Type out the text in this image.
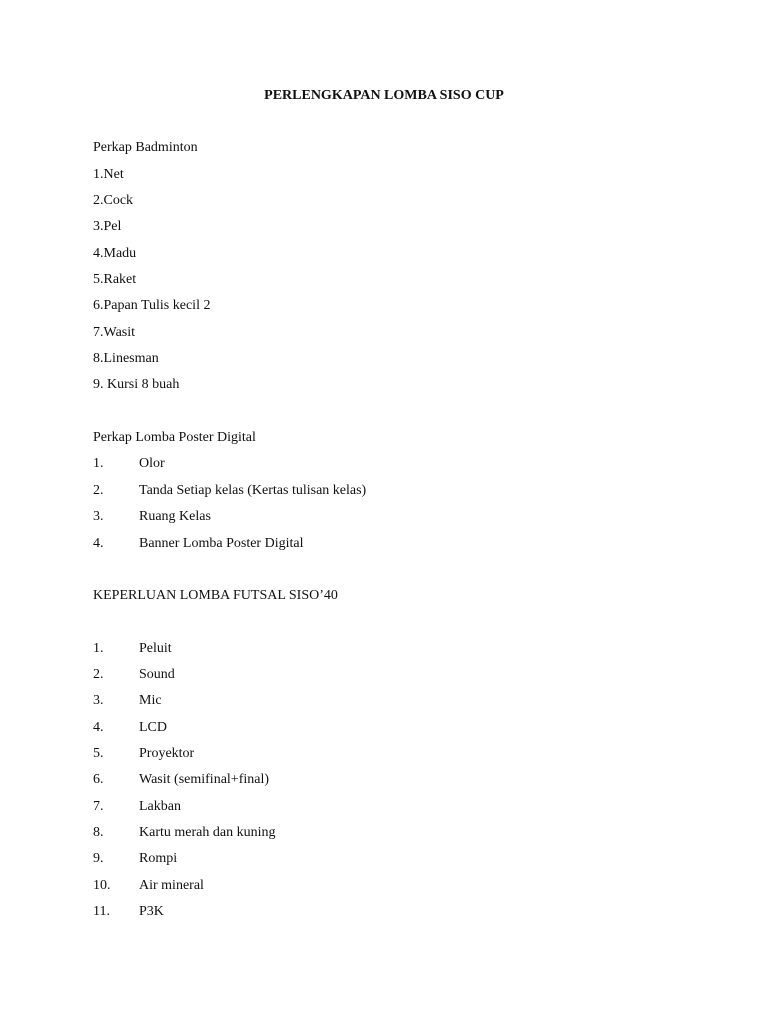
PERLENGKAPAN LOMBA SISO CUP
Perkap Badminton
1.Net
2.Cock
3.Pel
4.Madu
5.Raket
6.Papan Tulis kecil 2
7.Wasit
8.Linesman
9. Kursi 8 buah
Perkap Lomba Poster Digital
1.	Olor
2.	Tanda Setiap kelas (Kertas tulisan kelas)
3.	Ruang Kelas
4.	Banner Lomba Poster Digital
KEPERLUAN LOMBA FUTSAL SISO’40
1.	Peluit
2.	Sound
3.	Mic
4.	LCD
5.	Proyektor
6.	Wasit (semifinal+final)
7.	Lakban
8.	Kartu merah dan kuning
9.	Rompi
10. Air mineral
11. P3K
